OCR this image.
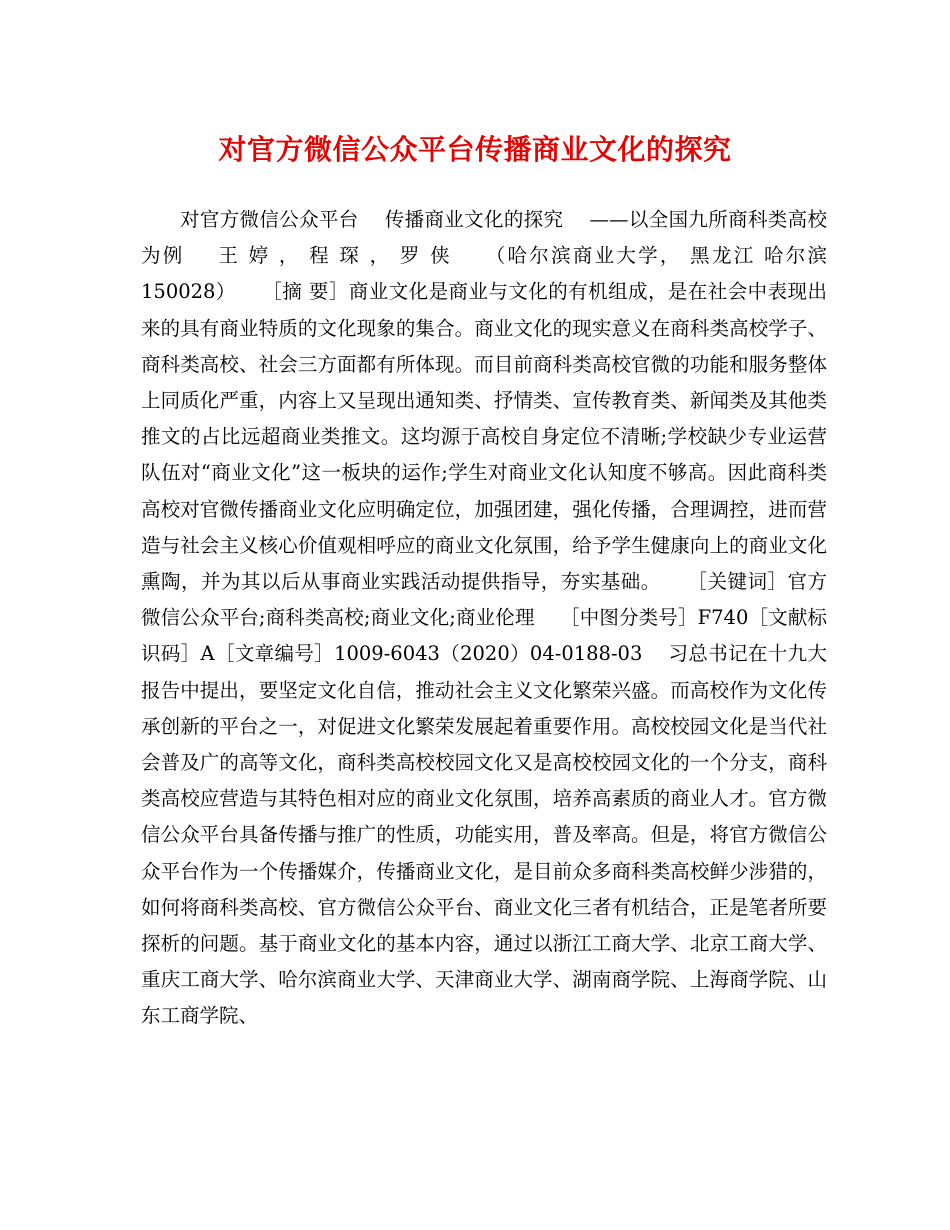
对官方微信公众平台传播商业文化的探究

对官方微信公众平台    传播商业文化的探究    ——以全国九所商科类高校为例    王 婷 ， 程 琛 ， 罗 侠    （哈尔滨商业大学， 黑龙江 哈尔滨 150028）    ［摘 要］商业文化是商业与文化的有机组成，是在社会中表现出来的具有商业特质的文化现象的集合。商业文化的现实意义在商科类高校学子、商科类高校、社会三方面都有所体现。而目前商科类高校官微的功能和服务整体上同质化严重，内容上又呈现出通知类、抒情类、宣传教育类、新闻类及其他类推文的占比远超商业类推文。这均源于高校自身定位不清晰;学校缺少专业运营队伍对“商业文化”这一板块的运作;学生对商业文化认知度不够高。因此商科类高校对官微传播商业文化应明确定位，加强团建，强化传播，合理调控，进而营造与社会主义核心价值观相呼应的商业文化氛围，给予学生健康向上的商业文化熏陶，并为其以后从事商业实践活动提供指导，夯实基础。    ［关键词］官方微信公众平台;商科类高校;商业文化;商业伦理    ［中图分类号］F740［文献标识码］A［文章编号］1009-6043（2020）04-0188-03    习总书记在十九大报告中提出，要坚定文化自信，推动社会主义文化繁荣兴盛。而高校作为文化传承创新的平台之一，对促进文化繁荣发展起着重要作用。高校校园文化是当代社会普及广的高等文化，商科类高校校园文化又是高校校园文化的一个分支，商科类高校应营造与其特色相对应的商业文化氛围，培养高素质的商业人才。官方微信公众平台具备传播与推广的性质，功能实用，普及率高。但是，将官方微信公众平台作为一个传播媒介，传播商业文化，是目前众多商科类高校鲜少涉猎的，如何将商科类高校、官方微信公众平台、商业文化三者有机结合，正是笔者所要探析的问题。基于商业文化的基本内容，通过以浙江工商大学、北京工商大学、重庆工商大学、哈尔滨商业大学、天津商业大学、湖南商学院、上海商学院、山东工商学院、
